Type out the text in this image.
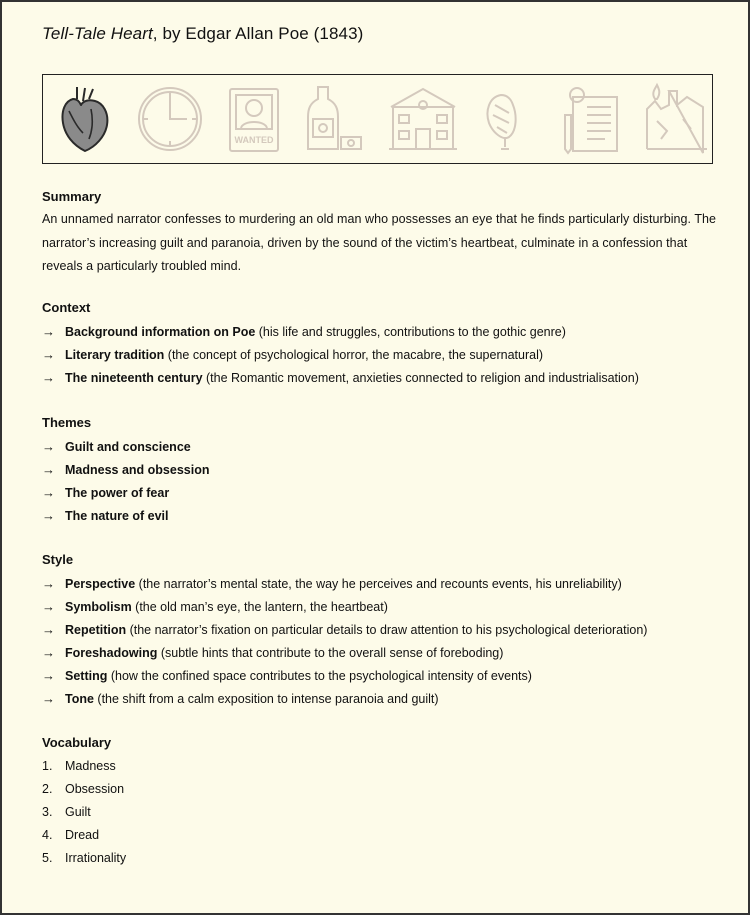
Tell-Tale Heart, by Edgar Allan Poe (1843)
WANTED

Summary

An unnamed narrator confesses to murdering an old man who possesses an eye that he finds particularly disturbing. The narrator’s increasing guilt and paranoia, driven by the sound of the victim’s heartbeat, culminate in a confession that reveals a particularly troubled mind.

Context

→ Background information on Poe (his life and struggles, contributions to the gothic genre)
→ Literary tradition (the concept of psychological horror, the macabre, the supernatural)
→ The nineteenth century (the Romantic movement, anxieties connected to religion and industrialisation)

Themes

→ Guilt and conscience
→ Madness and obsession
→ The power of fear
→ The nature of evil

Style

→ Perspective (the narrator’s mental state, the way he perceives and recounts events, his unreliability)
→ Symbolism (the old man’s eye, the lantern, the heartbeat)
→ Repetition (the narrator’s fixation on particular details to draw attention to his psychological deterioration)
→ Foreshadowing (subtle hints that contribute to the overall sense of foreboding)
→ Setting (how the confined space contributes to the psychological intensity of events)
→ Tone (the shift from a calm exposition to intense paranoia and guilt)

Vocabulary

1. Madness
2. Obsession
3. Guilt
4. Dread
5. Irrationality
